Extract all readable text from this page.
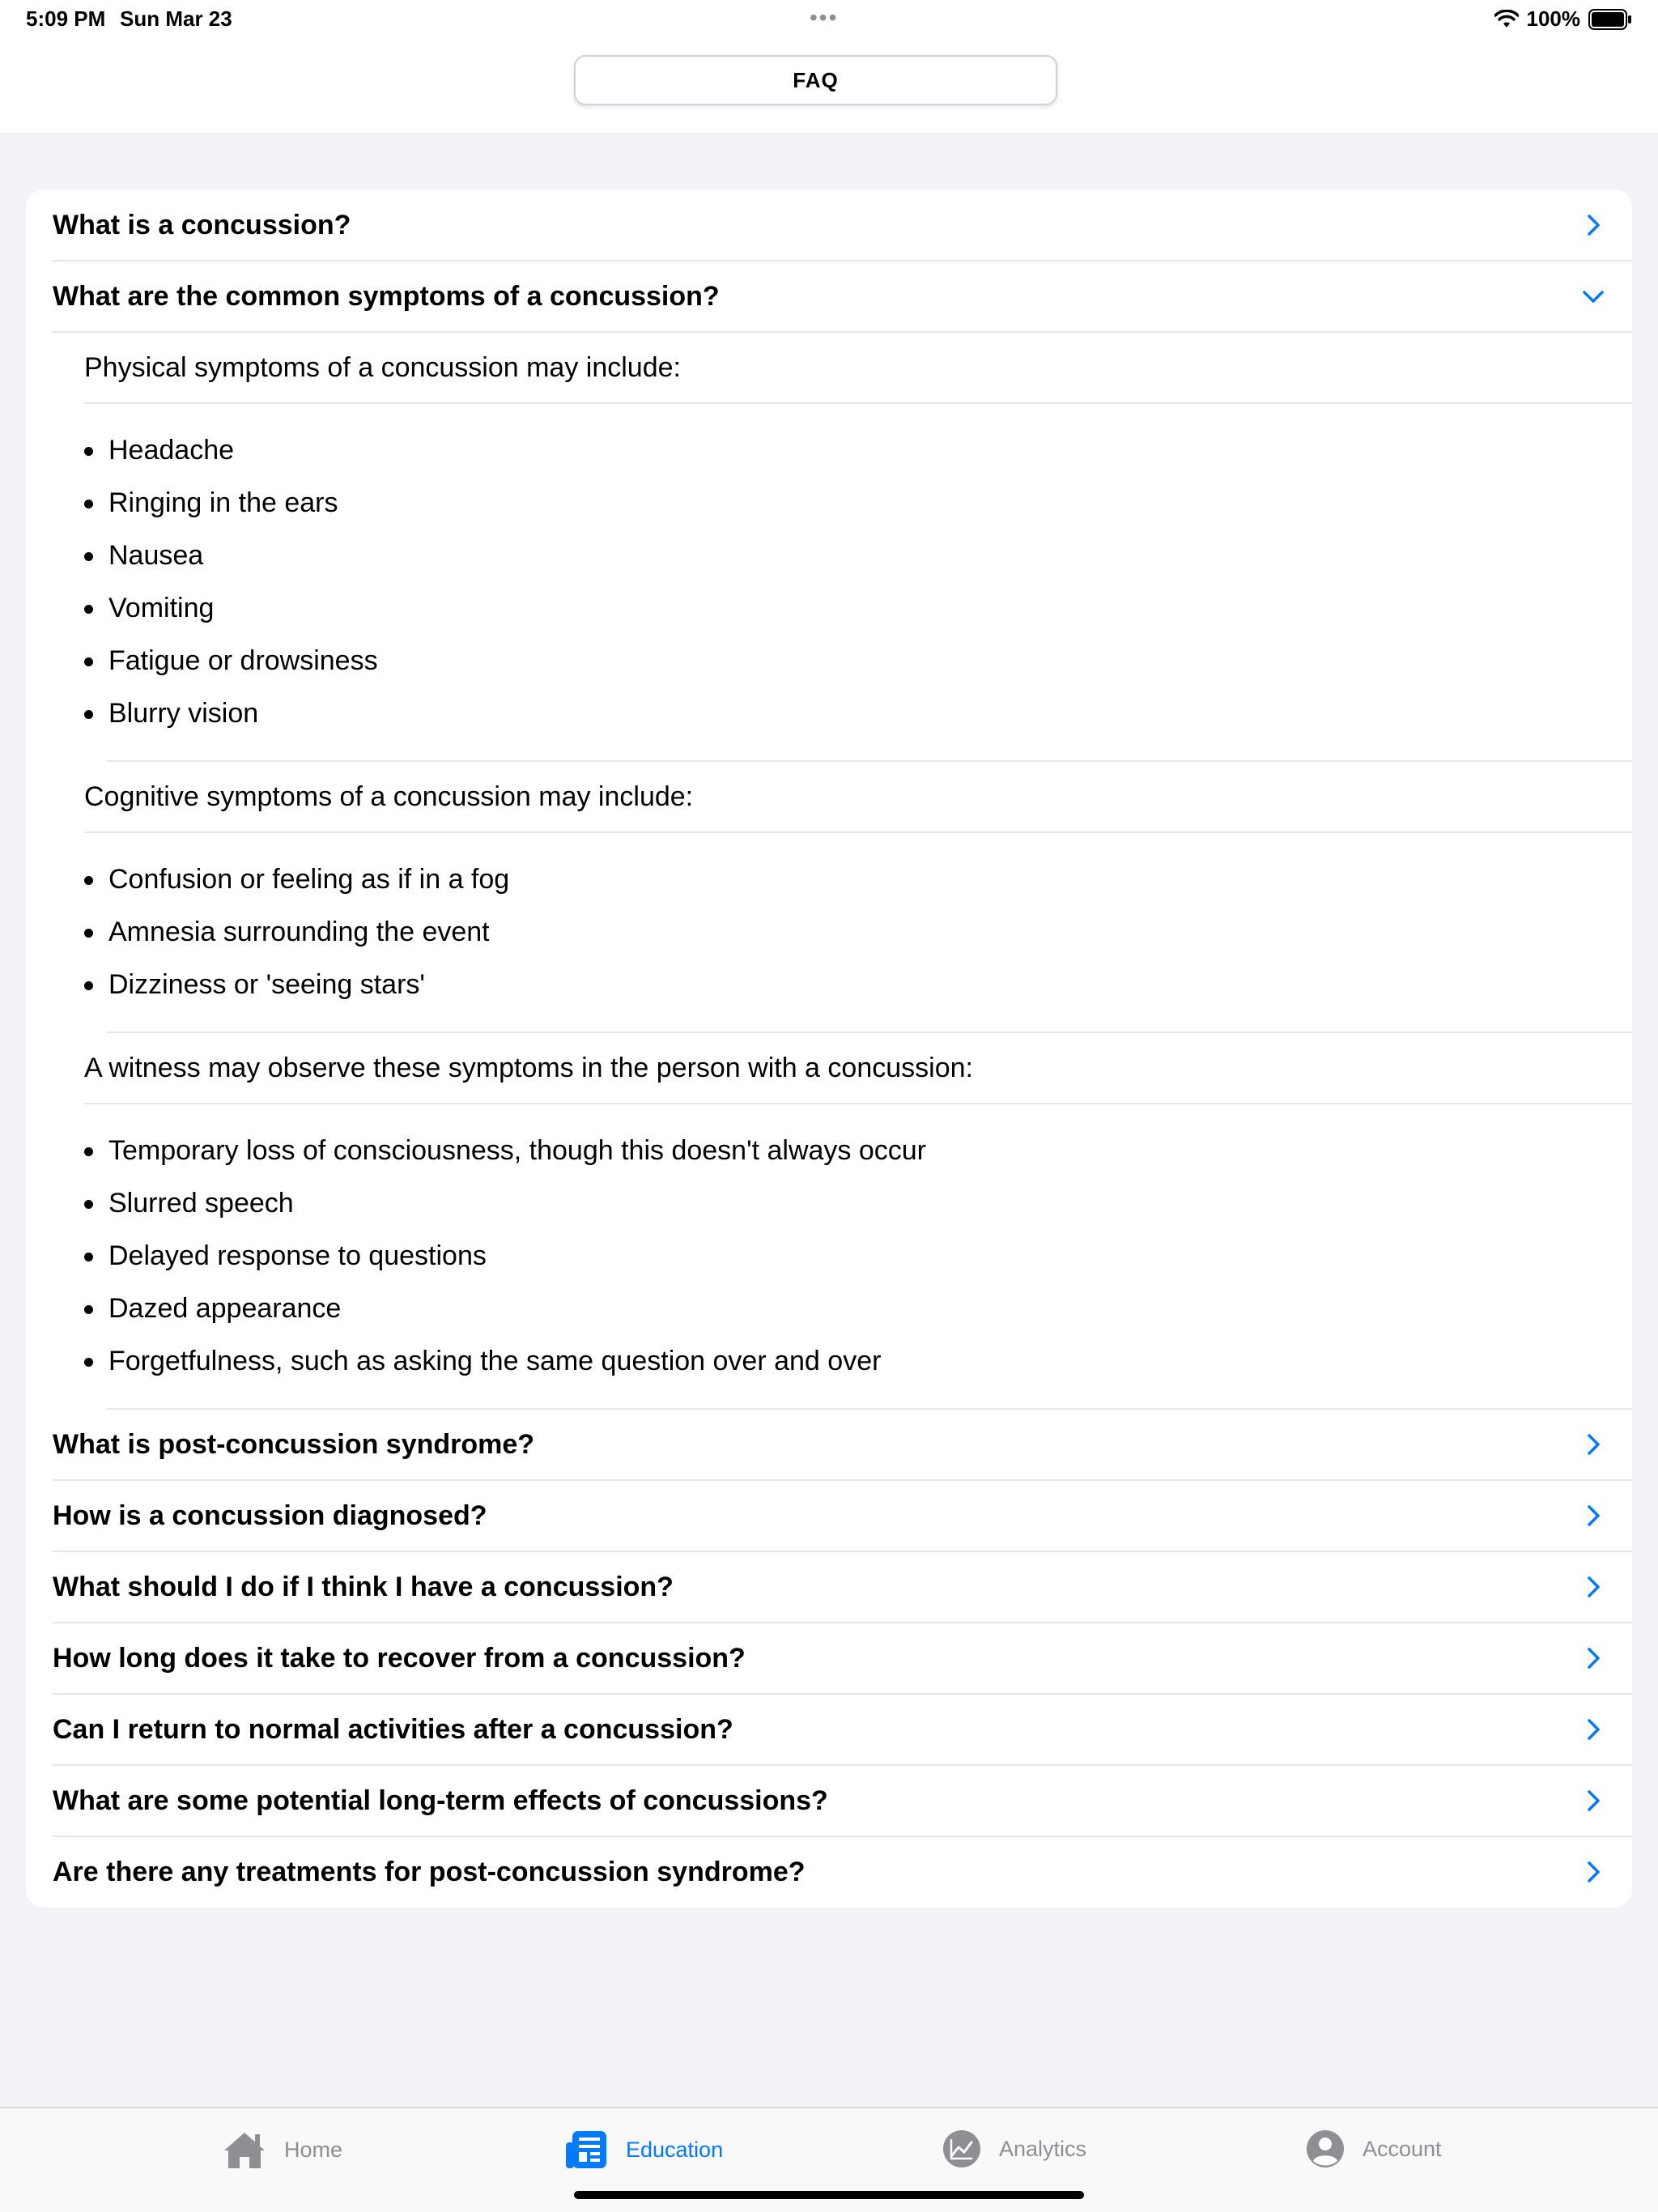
5:09 PM Sun Mar 23	•••	100%
FAQ
What is a concussion?
What are the common symptoms of a concussion?
Physical symptoms of a concussion may include:
Headache
Ringing in the ears
Nausea
Vomiting
Fatigue or drowsiness
Blurry vision
Cognitive symptoms of a concussion may include:
Confusion or feeling as if in a fog
Amnesia surrounding the event
Dizziness or 'seeing stars'
A witness may observe these symptoms in the person with a concussion:
Temporary loss of consciousness, though this doesn't always occur
Slurred speech
Delayed response to questions
Dazed appearance
Forgetfulness, such as asking the same question over and over
What is post-concussion syndrome?
How is a concussion diagnosed?
What should I do if I think I have a concussion?
How long does it take to recover from a concussion?
Can I return to normal activities after a concussion?
What are some potential long-term effects of concussions?
Are there any treatments for post-concussion syndrome?
Home	Education	Analytics	Account
